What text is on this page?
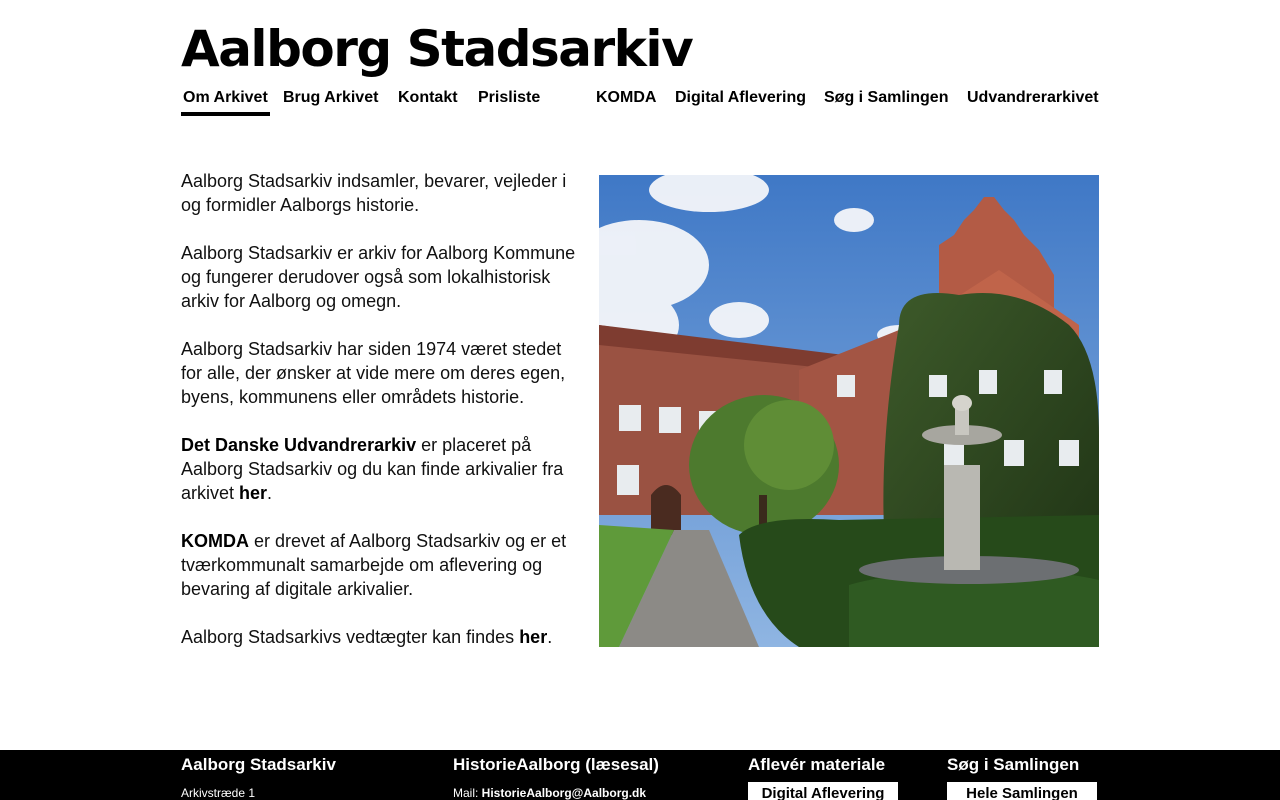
Aalborg Stadsarkiv
Om Arkivet Brug Arkivet Kontakt Prisliste	KOMDA Digital Aflevering Søg i Samlingen Udvandrerarkivet

Aalborg Stadsarkiv indsamler, bevarer, vejleder i og formidler Aalborgs historie.

Aalborg Stadsarkiv er arkiv for Aalborg Kommune og fungerer derudover også som lokalhistorisk arkiv for Aalborg og omegn.

Aalborg Stadsarkiv har siden 1974 været stedet for alle, der ønsker at vide mere om deres egen, byens, kommunens eller områdets historie.

Det Danske Udvandrerarkiv er placeret på Aalborg Stadsarkiv og du kan finde arkivalier fra arkivet her.

KOMDA er drevet af Aalborg Stadsarkiv og er et tværkommunalt samarbejde om aflevering og bevaring af digitale arkivalier.

Aalborg Stadsarkivs vedtægter kan findes her.

Aalborg Stadsarkiv
Arkivstræde 1
HistorieAalborg (læsesal)
Mail: HistorieAalborg@Aalborg.dk
Aflevér materiale
Digital Aflevering
Søg i Samlingen
Hele Samlingen
